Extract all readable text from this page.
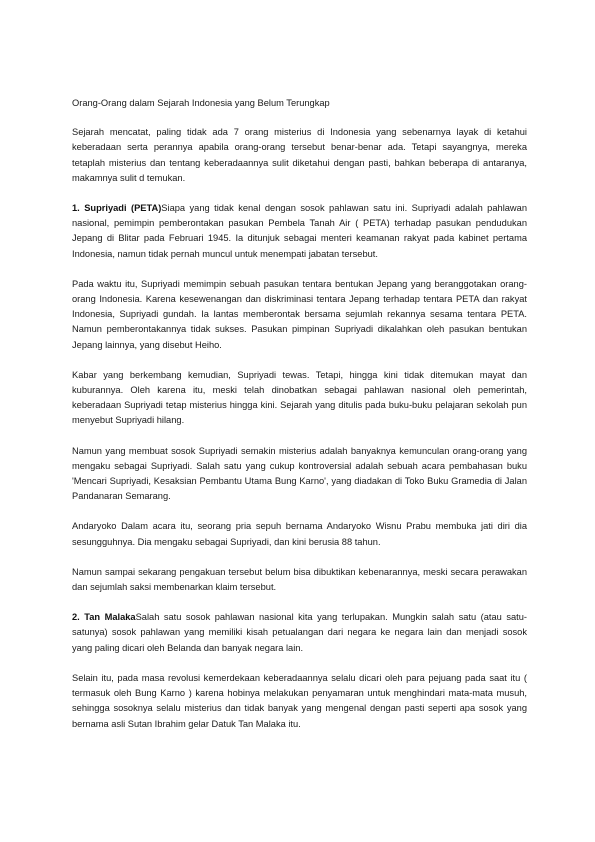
Orang-Orang dalam Sejarah Indonesia yang Belum Terungkap

Sejarah mencatat, paling tidak ada 7 orang misterius di Indonesia yang sebenarnya layak di ketahui keberadaan serta perannya apabila orang-orang tersebut benar-benar ada. Tetapi sayangnya, mereka tetaplah misterius dan tentang keberadaannya sulit diketahui dengan pasti, bahkan beberapa di antaranya, makamnya sulit d temukan.

1. Supriyadi (PETA)Siapa yang tidak kenal dengan sosok pahlawan satu ini. Supriyadi adalah pahlawan nasional, pemimpin pemberontakan pasukan Pembela Tanah Air ( PETA) terhadap pasukan pendudukan Jepang di Blitar pada Februari 1945. Ia ditunjuk sebagai menteri keamanan rakyat pada kabinet pertama Indonesia, namun tidak pernah muncul untuk menempati jabatan tersebut.

Pada waktu itu, Supriyadi memimpin sebuah pasukan tentara bentukan Jepang yang beranggotakan orang-orang Indonesia. Karena kesewenangan dan diskriminasi tentara Jepang terhadap tentara PETA dan rakyat Indonesia, Supriyadi gundah. Ia lantas memberontak bersama sejumlah rekannya sesama tentara PETA. Namun pemberontakannya tidak sukses. Pasukan pimpinan Supriyadi dikalahkan oleh pasukan bentukan Jepang lainnya, yang disebut Heiho.

Kabar yang berkembang kemudian, Supriyadi tewas. Tetapi, hingga kini tidak ditemukan mayat dan kuburannya. Oleh karena itu, meski telah dinobatkan sebagai pahlawan nasional oleh pemerintah, keberadaan Supriyadi tetap misterius hingga kini. Sejarah yang ditulis pada buku-buku pelajaran sekolah pun menyebut Supriyadi hilang.

Namun yang membuat sosok Supriyadi semakin misterius adalah banyaknya kemunculan orang-orang yang mengaku sebagai Supriyadi. Salah satu yang cukup kontroversial adalah sebuah acara pembahasan buku 'Mencari Supriyadi, Kesaksian Pembantu Utama Bung Karno', yang diadakan di Toko Buku Gramedia di Jalan Pandanaran Semarang.

Andaryoko Dalam acara itu, seorang pria sepuh bernama Andaryoko Wisnu Prabu membuka jati diri dia sesungguhnya. Dia mengaku sebagai Supriyadi, dan kini berusia 88 tahun.

Namun sampai sekarang pengakuan tersebut belum bisa dibuktikan kebenarannya, meski secara perawakan dan sejumlah saksi membenarkan klaim tersebut.

2. Tan MalakaSalah satu sosok pahlawan nasional kita yang terlupakan. Mungkin salah satu (atau satu-satunya) sosok pahlawan yang memiliki kisah petualangan dari negara ke negara lain dan menjadi sosok yang paling dicari oleh Belanda dan banyak negara lain.

Selain itu, pada masa revolusi kemerdekaan keberadaannya selalu dicari oleh para pejuang pada saat itu ( termasuk oleh Bung Karno ) karena hobinya melakukan penyamaran untuk menghindari mata-mata musuh, sehingga sosoknya selalu misterius dan tidak banyak yang mengenal dengan pasti seperti apa sosok yang bernama asli Sutan Ibrahim gelar Datuk Tan Malaka itu.
